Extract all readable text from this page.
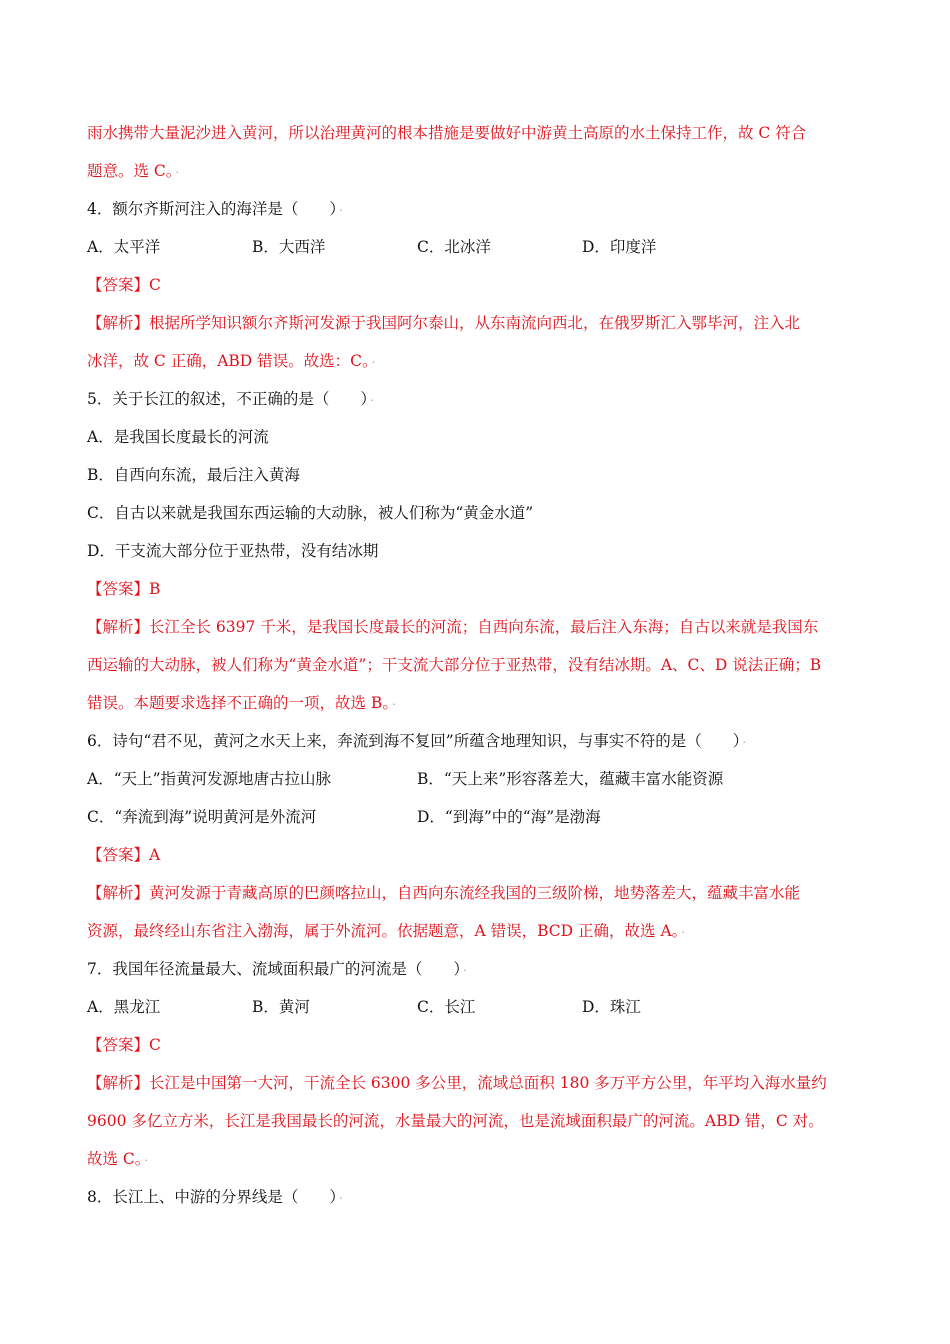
雨水携带大量泥沙进入黄河，所以治理黄河的根本措施是要做好中游黄土高原的水土保持工作，故 C 符合
题意。选 C。 ·
4．额尔齐斯河注入的海洋是（　　） ·
A．太平洋	B．大西洋	C．北冰洋	D．印度洋
【答案】C
【解析】根据所学知识额尔齐斯河发源于我国阿尔泰山，从东南流向西北，在俄罗斯汇入鄂毕河，注入北
冰洋，故 C 正确，ABD 错误。故选：C。 ·
5．关于长江的叙述，不正确的是（　　） ·
A．是我国长度最长的河流
B．自西向东流，最后注入黄海
C．自古以来就是我国东西运输的大动脉，被人们称为“黄金水道”
D．干支流大部分位于亚热带，没有结冰期
【答案】B
【解析】长江全长 6397 千米，是我国长度最长的河流；自西向东流，最后注入东海；自古以来就是我国东
西运输的大动脉，被人们称为“黄金水道”；干支流大部分位于亚热带，没有结冰期。A、C、D 说法正确；B
错误。本题要求选择不正确的一项，故选 B。 ·
6．诗句“君不见，黄河之水天上来，奔流到海不复回”所蕴含地理知识，与事实不符的是（　　） ·
A．“天上”指黄河发源地唐古拉山脉	B．“天上来”形容落差大，蕴藏丰富水能资源
C．“奔流到海”说明黄河是外流河	D．“到海”中的“海”是渤海
【答案】A
【解析】黄河发源于青藏高原的巴颜喀拉山，自西向东流经我国的三级阶梯，地势落差大，蕴藏丰富水能
资源，最终经山东省注入渤海，属于外流河。依据题意，A 错误，BCD 正确，故选 A。 ·
7．我国年径流量最大、流域面积最广的河流是（　　） ·
A．黑龙江	B．黄河	C．长江	D．珠江
【答案】C
【解析】长江是中国第一大河，干流全长 6300 多公里，流域总面积 180 多万平方公里，年平均入海水量约
9600 多亿立方米，长江是我国最长的河流，水量最大的河流，也是流域面积最广的河流。ABD 错，C 对。
故选 C。 ·
8．长江上、中游的分界线是（　　） ·
